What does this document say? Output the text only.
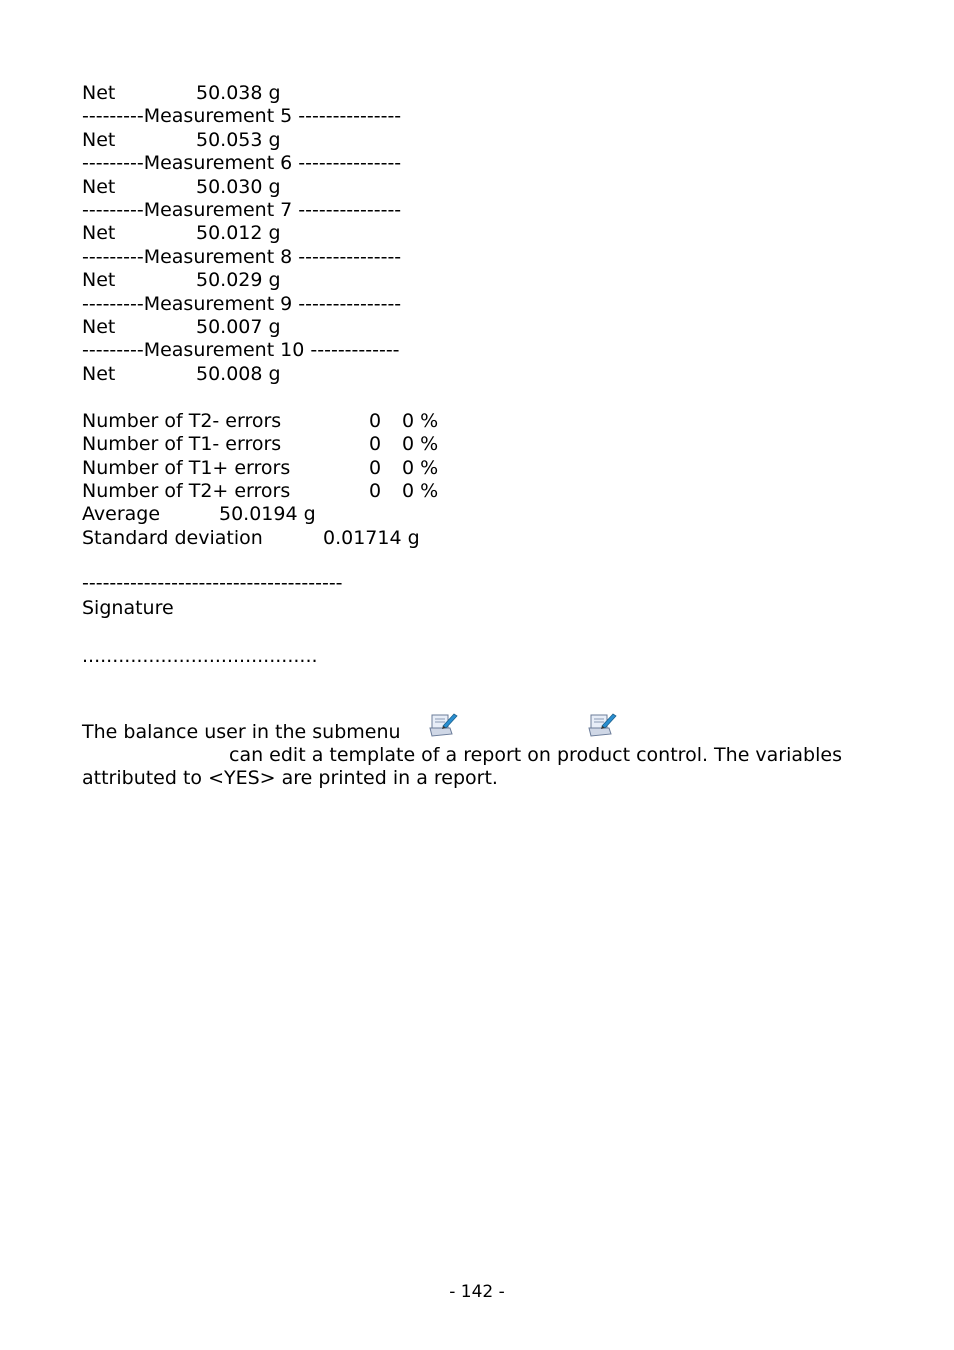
Net	50.038 g
---------Measurement 5 ---------------
Net	50.053 g
---------Measurement 6 ---------------
Net	50.030 g
---------Measurement 7 ---------------
Net	50.012 g
---------Measurement 8 ---------------
Net	50.029 g
---------Measurement 9 ---------------
Net	50.007 g
---------Measurement 10 -------------
Net	50.008 g
Number of T2- errors	0 0 %
Number of T1- errors	0 0 %
Number of T1+ errors	0 0 %
Number of T2+ errors	0 0 %
Average	50.0194 g
Standard deviation	0.01714 g
--------------------------------------
Signature
.......................................
The balance user in the submenu
can edit a template of a report on product control. The variables
attributed to <YES> are printed in a report.
- 142 -
